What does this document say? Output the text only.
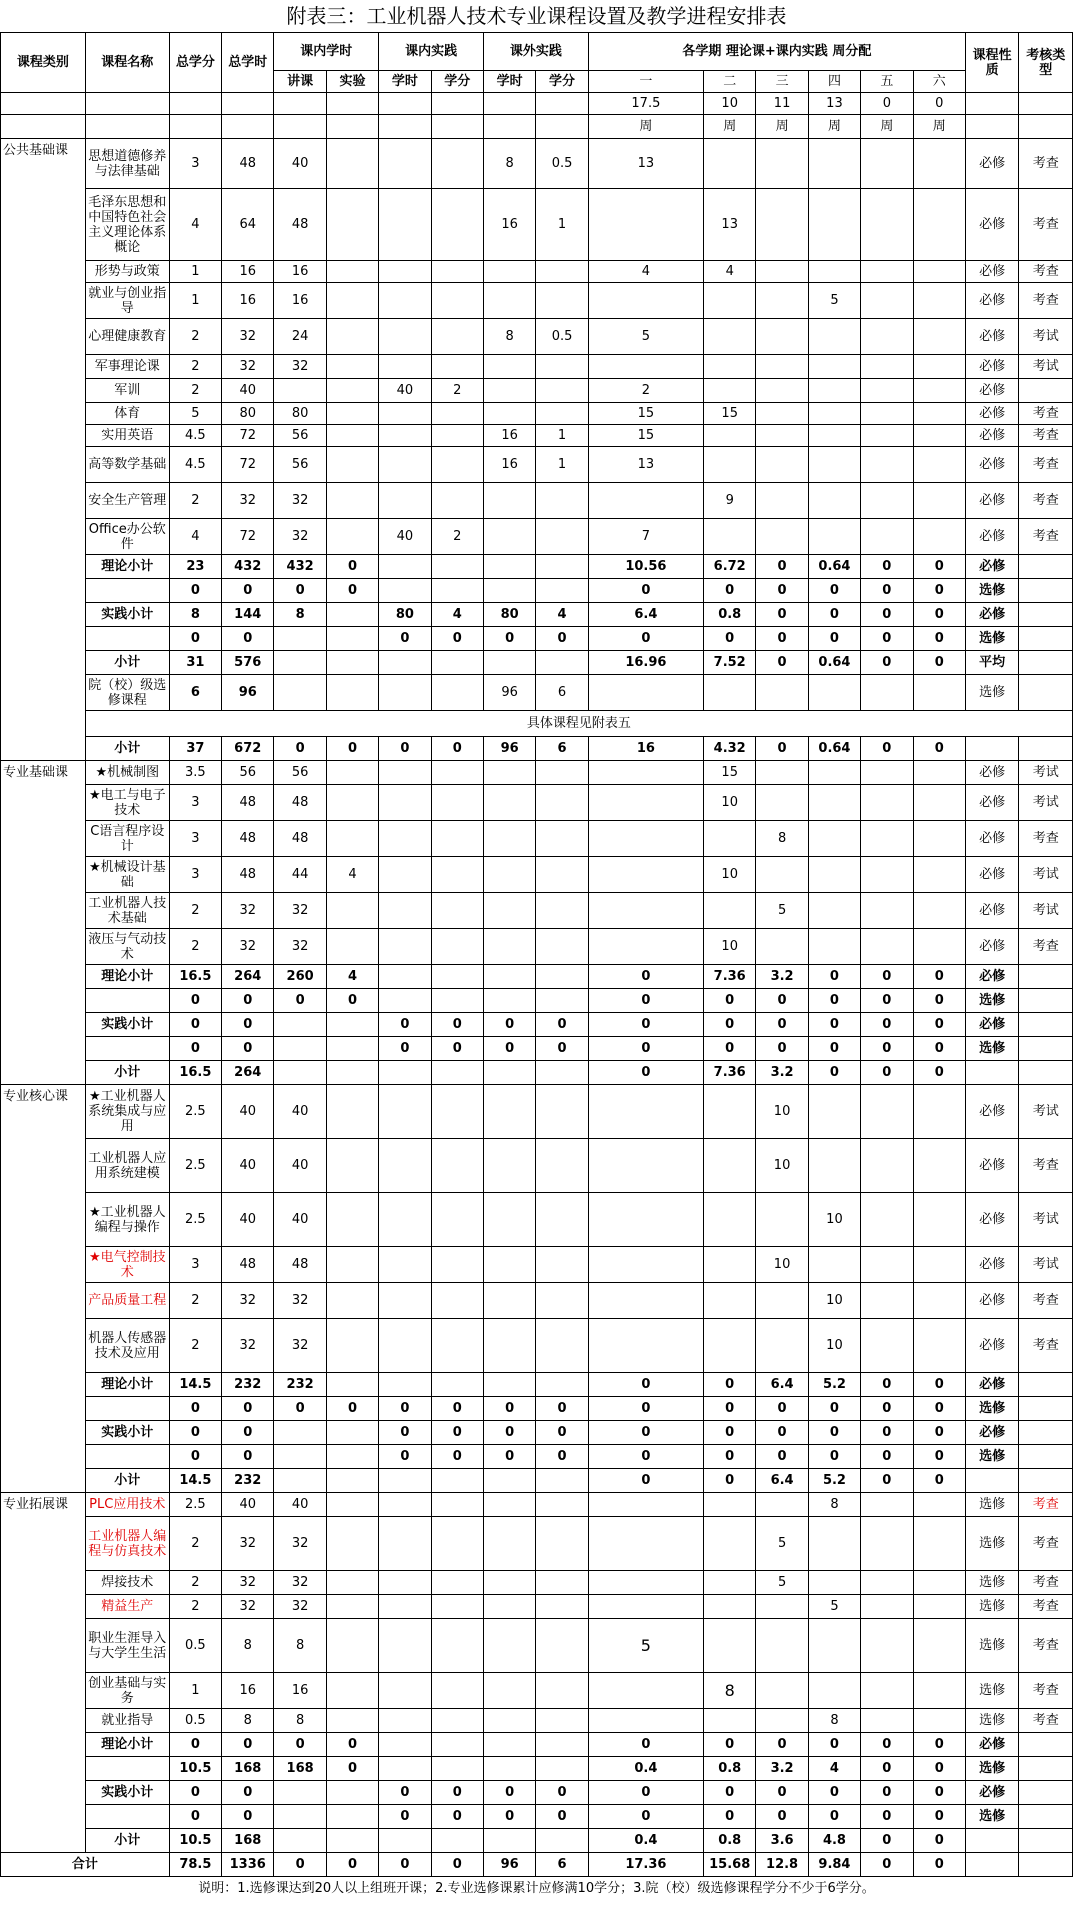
附表三：工业机器人技术专业课程设置及教学进程安排表
课程类别	课程名称	总学分	总学时	课内学时		课内实践		课外实践		各学期 理论课+课内实践 周分配						课程性质	考核类型
				讲课	实验	学时	学分	学时	学分	一	二	三	四	五	六		
										17.5	10	11	13	0	0		
										周	周	周	周	周	周		
公共基础课	思想道德修养与法律基础	3	48	40				8	0.5	13						必修	考查
	毛泽东思想和中国特色社会主义理论体系概论	4	64	48				16	1		13					必修	考查
	形势与政策	1	16	16						4	4					必修	考查
	就业与创业指导	1	16	16									5			必修	考查
	心理健康教育	2	32	24				8	0.5	5						必修	考试
	军事理论课	2	32	32												必修	考试
	军训	2	40			40	2			2						必修	
	体育	5	80	80						15	15					必修	考查
	实用英语	4.5	72	56				16	1	15						必修	考查
	高等数学基础	4.5	72	56				16	1	13						必修	考查
	安全生产管理	2	32	32							9					必修	考查
	Office办公软件	4	72	32		40	2			7						必修	考查
	理论小计	23	432	432	0					10.56	6.72	0	0.64	0	0	必修	
		0	0	0	0					0	0	0	0	0	0	选修	
	实践小计	8	144	8		80	4	80	4	6.4	0.8	0	0	0	0	必修	
		0	0			0	0	0	0	0	0	0	0	0	0	选修	
	小计	31	576							16.96	7.52	0	0.64	0	0	平均	
	院（校）级选修课程	6	96					96	6							选修	
	具体课程见附表五																
	小计	37	672	0	0	0	0	96	6	16	4.32	0	0.64	0	0		
专业基础课	★机械制图	3.5	56	56							15					必修	考试
	★电工与电子技术	3	48	48							10					必修	考试
	C语言程序设计	3	48	48								8				必修	考查
	★机械设计基础	3	48	44	4						10					必修	考试
	工业机器人技术基础	2	32	32								5				必修	考试
	液压与气动技术	2	32	32							10					必修	考查
	理论小计	16.5	264	260	4					0	7.36	3.2	0	0	0	必修	
		0	0	0	0					0	0	0	0	0	0	选修	
	实践小计	0	0			0	0	0	0	0	0	0	0	0	0	必修	
		0	0			0	0	0	0	0	0	0	0	0	0	选修	
	小计	16.5	264							0	7.36	3.2	0	0	0		
专业核心课	★工业机器人系统集成与应用	2.5	40	40								10				必修	考试
	工业机器人应用系统建模	2.5	40	40								10				必修	考查
	★工业机器人编程与操作	2.5	40	40									10			必修	考试
	★电气控制技术	3	48	48								10				必修	考试
	产品质量工程	2	32	32									10			必修	考查
	机器人传感器技术及应用	2	32	32									10			必修	考查
	理论小计	14.5	232	232						0	0	6.4	5.2	0	0	必修	
		0	0	0	0	0	0	0	0	0	0	0	0	0	0	选修	
	实践小计	0	0			0	0	0	0	0	0	0	0	0	0	必修	
		0	0			0	0	0	0	0	0	0	0	0	0	选修	
	小计	14.5	232							0	0	6.4	5.2	0	0		
专业拓展课	PLC应用技术	2.5	40	40									8			选修	考查
	工业机器人编程与仿真技术	2	32	32								5				选修	考查
	焊接技术	2	32	32								5				选修	考查
	精益生产	2	32	32									5			选修	考查
	职业生涯导入与大学生生活	0.5	8	8						5						选修	考查
	创业基础与实务	1	16	16							8					选修	考查
	就业指导	0.5	8	8									8			选修	考查
	理论小计	0	0	0	0					0	0	0	0	0	0	必修	
		10.5	168	168	0					0.4	0.8	3.2	4	0	0	选修	
	实践小计	0	0			0	0	0	0	0	0	0	0	0	0	必修	
		0	0			0	0	0	0	0	0	0	0	0	0	选修	
	小计	10.5	168							0.4	0.8	3.6	4.8	0	0		
合计		78.5	1336	0	0	0	0	96	6	17.36	15.68	12.8	9.84	0	0		
说明：1.选修课达到20人以上组班开课；2.专业选修课累计应修满10学分；3.院（校）级选修课程学分不少于6学分。
